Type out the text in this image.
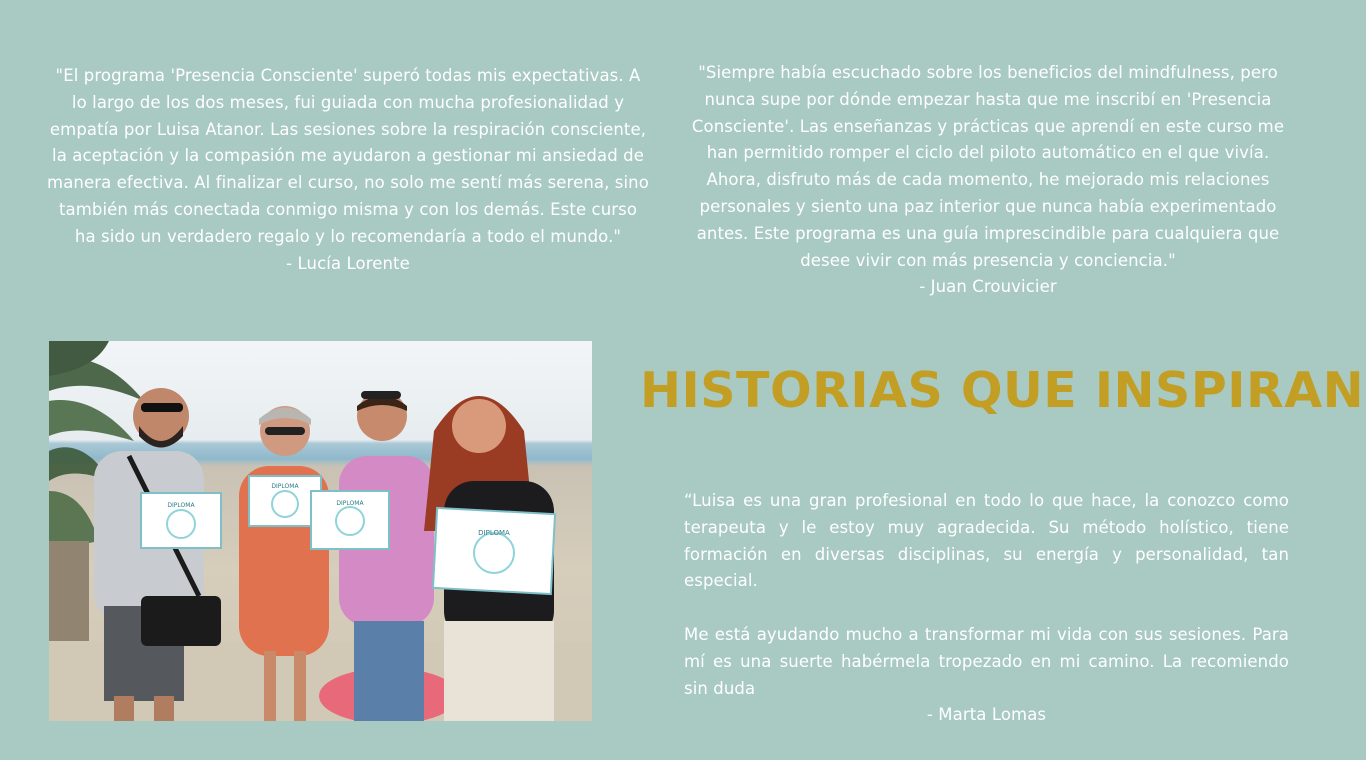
"El programa 'Presencia Consciente' superó todas mis expectativas. A lo largo de los dos meses, fui guiada con mucha profesionalidad y empatía por Luisa Atanor. Las sesiones sobre la respiración consciente, la aceptación y la compasión me ayudaron a gestionar mi ansiedad de manera efectiva. Al finalizar el curso, no solo me sentí más serena, sino también más conectada conmigo misma y con los demás. Este curso ha sido un verdadero regalo y lo recomendaría a todo el mundo."
- Lucía Lorente
"Siempre había escuchado sobre los beneficios del mindfulness, pero nunca supe por dónde empezar hasta que me inscribí en 'Presencia Consciente'. Las enseñanzas y prácticas que aprendí en este curso me han permitido romper el ciclo del piloto automático en el que vivía. Ahora, disfruto más de cada momento, he mejorado mis relaciones personales y siento una paz interior que nunca había experimentado antes. Este programa es una guía imprescindible para cualquiera que desee vivir con más presencia y conciencia."
- Juan Crouvicier
DIPLOMA
DIPLOMA
DIPLOMA
DIPLOMA
HISTORIAS QUE INSPIRAN

“Luisa es una gran profesional en todo lo que hace, la conozco como terapeuta y le estoy muy agradecida. Su método holístico, tiene formación en diversas disciplinas, su energía y personalidad, tan especial.

Me está ayudando mucho a transformar mi vida con sus sesiones. Para mí es una suerte habérmela tropezado en mi camino. La recomiendo sin duda

- Marta Lomas
